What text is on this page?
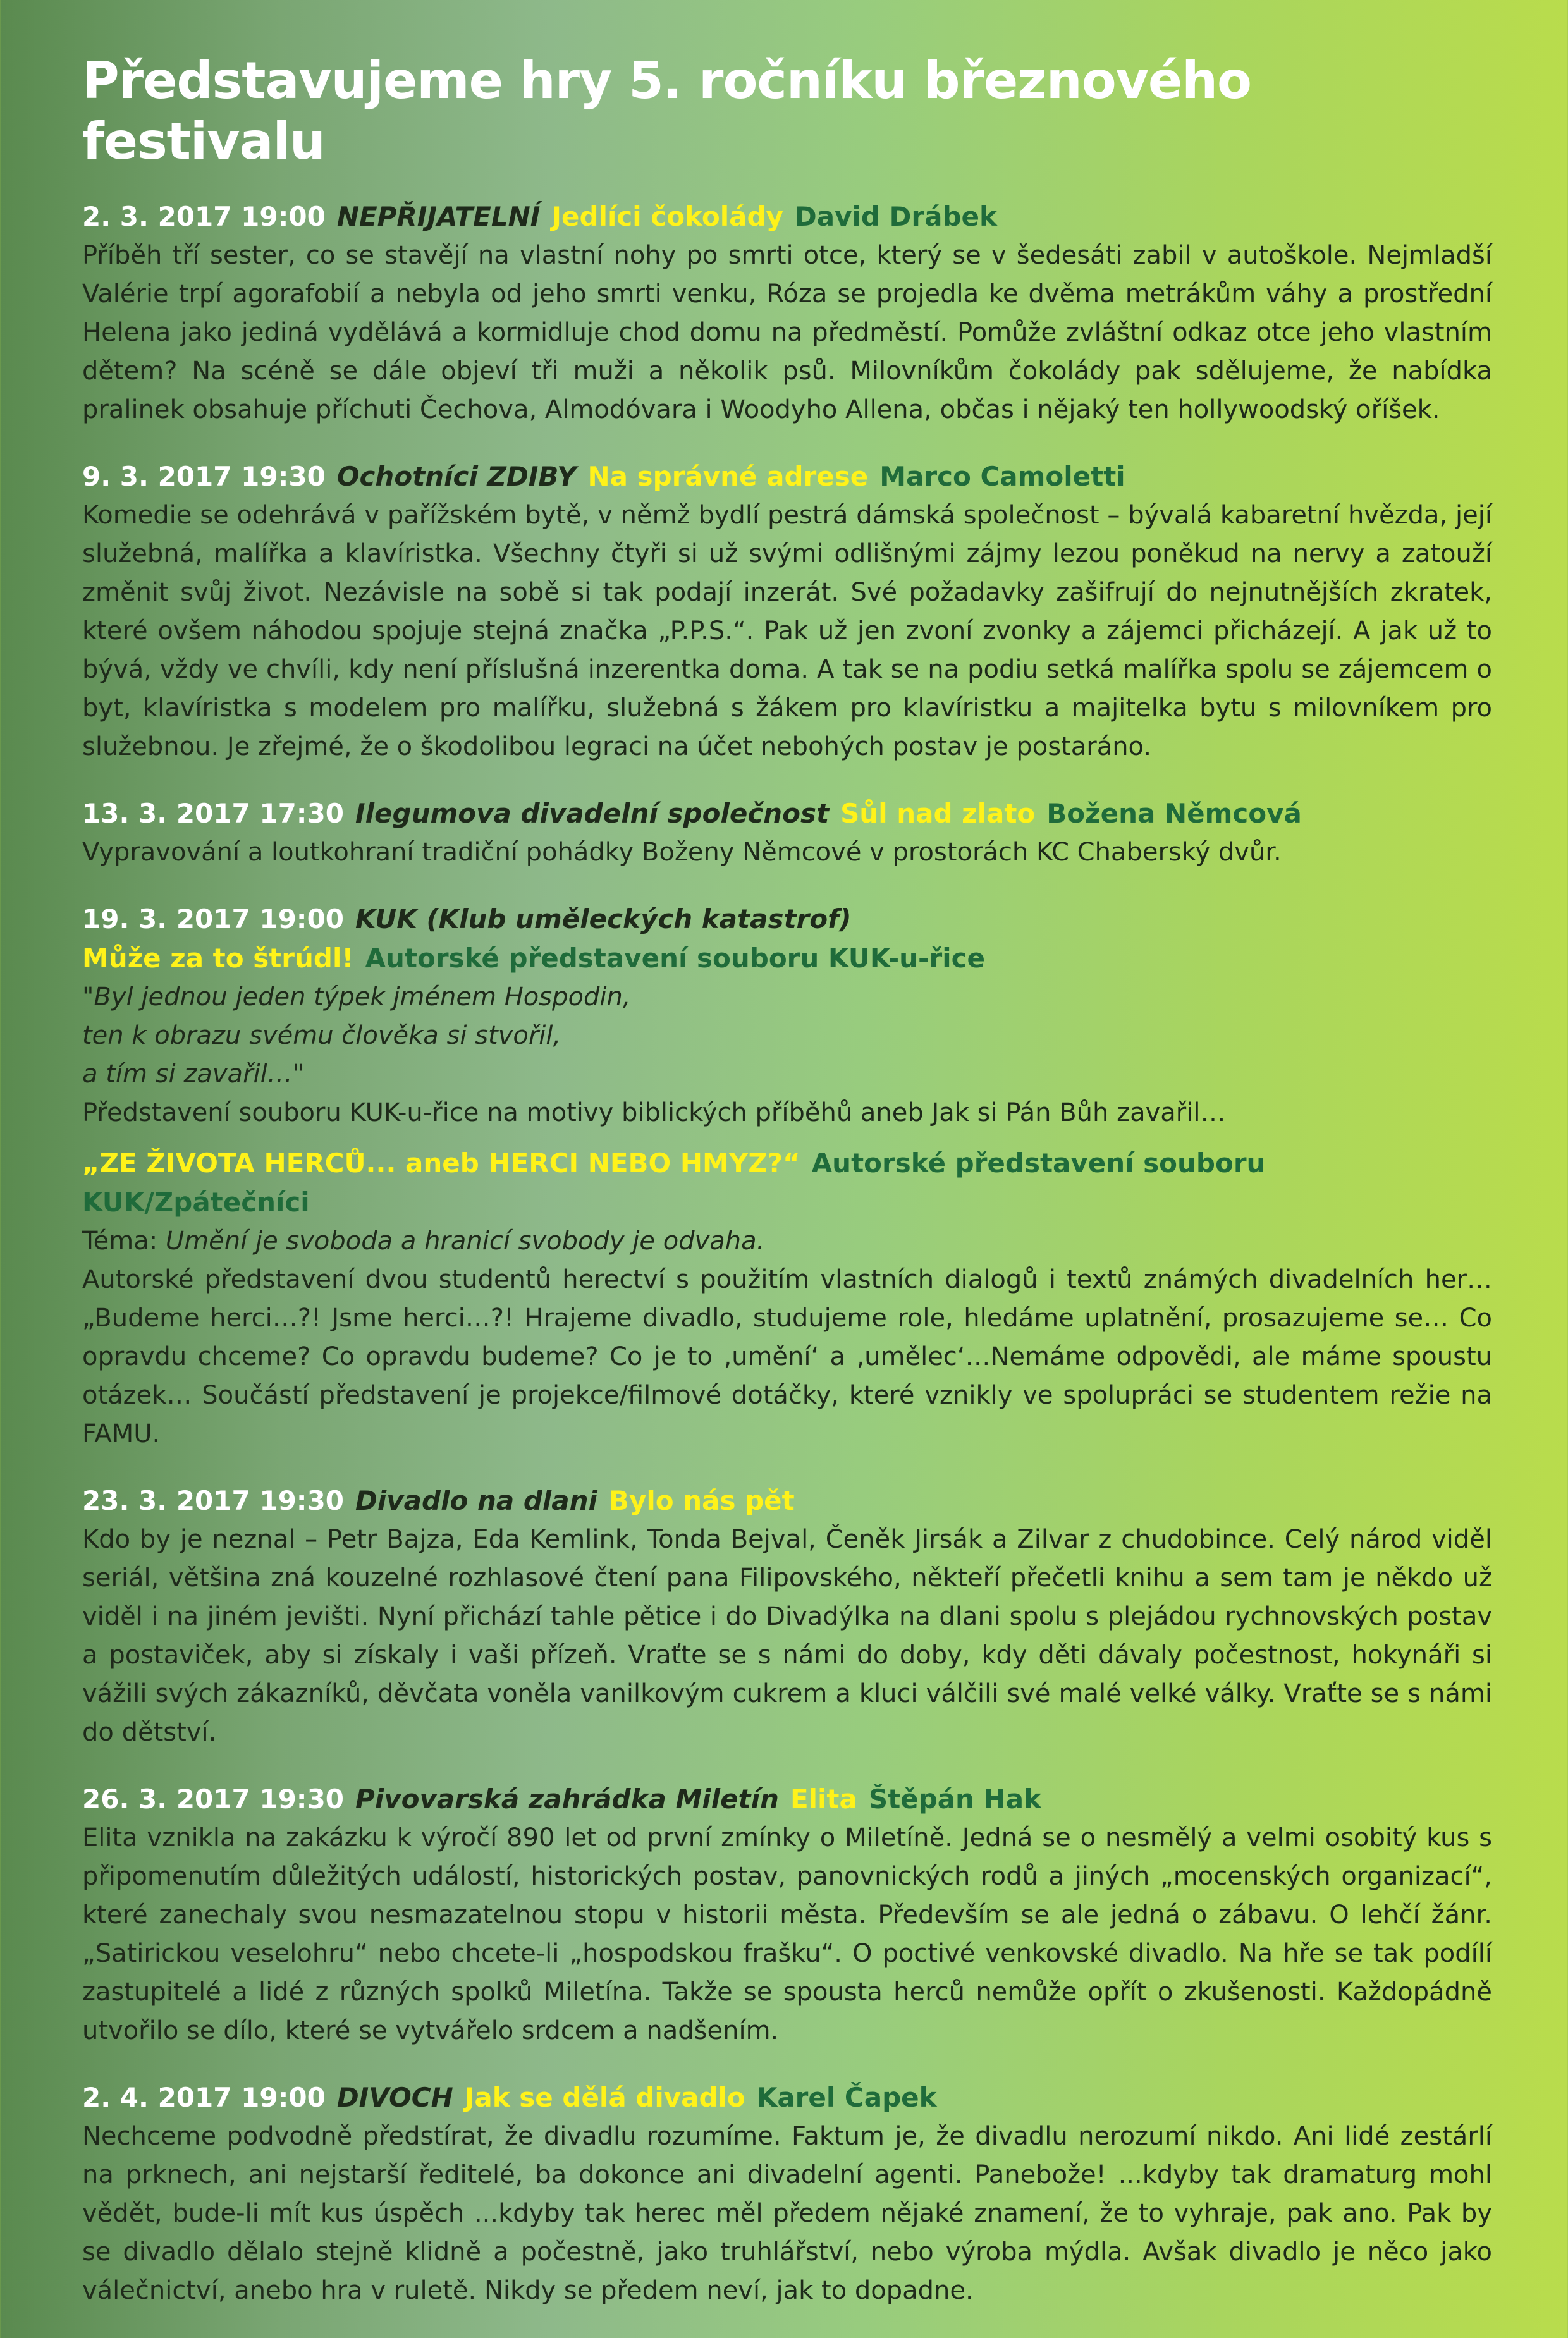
Představujeme hry 5. ročníku březnového festivalu
2. 3. 2017 19:00 NEPŘIJATELNÍ Jedlíci čokolády David Drábek
Příběh tří sester, co se stavějí na vlastní nohy po smrti otce, který se v šedesáti zabil v autoškole. Nejmladší Valérie trpí agorafobií a nebyla od jeho smrti venku, Róza se projedla ke dvěma metrákům váhy a prostřední Helena jako jediná vydělává a kormidluje chod domu na předměstí. Pomůže zvláštní odkaz otce jeho vlastním dětem? Na scéně se dále objeví tři muži a několik psů. Milovníkům čokolády pak sdělujeme, že nabídka pralinek obsahuje příchuti Čechova, Almodóvara i Woodyho Allena, občas i nějaký ten hollywoodský oříšek.
9. 3. 2017 19:30 Ochotníci ZDIBY Na správné adrese Marco Camoletti
Komedie se odehrává v pařížském bytě, v němž bydlí pestrá dámská společnost – bývalá kabaretní hvězda, její služebná, malířka a klavíristka. Všechny čtyři si už svými odlišnými zájmy lezou poněkud na nervy a zatouží změnit svůj život. Nezávisle na sobě si tak podají inzerát. Své požadavky zašifrují do nejnutnějších zkratek, které ovšem náhodou spojuje stejná značka „P.P.S.“. Pak už jen zvoní zvonky a zájemci přicházejí. A jak už to bývá, vždy ve chvíli, kdy není příslušná inzerentka doma. A tak se na podiu setká malířka spolu se zájemcem o byt, klavíristka s modelem pro malířku, služebná s žákem pro klavíristku a majitelka bytu s milovníkem pro služebnou. Je zřejmé, že o škodolibou legraci na účet nebohých postav je postaráno.
13. 3. 2017 17:30 Ilegumova divadelní společnost Sůl nad zlato Božena Němcová
Vypravování a loutkohraní tradiční pohádky Boženy Němcové v prostorách KC Chaberský dvůr.
19. 3. 2017 19:00 KUK (Klub uměleckých katastrof)
Může za to štrúdl! Autorské představení souboru KUK-u-řice
"Byl jednou jeden týpek jménem Hospodin,
ten k obrazu svému člověka si stvořil,
a tím si zavařil…"
Představení souboru KUK-u-řice na motivy biblických příběhů aneb Jak si Pán Bůh zavařil…
„ZE ŽIVOTA HERCŮ... aneb HERCI NEBO HMYZ?“ Autorské představení souboru KUK/Zpátečníci
Téma: Umění je svoboda a hranicí svobody je odvaha.
Autorské představení dvou studentů herectví s použitím vlastních dialogů i textů známých divadelních her… „Budeme herci…?! Jsme herci…?! Hrajeme divadlo, studujeme role, hledáme uplatnění, prosazujeme se… Co opravdu chceme? Co opravdu budeme? Co je to ‚umění‘ a ‚umělec‘…Nemáme odpovědi, ale máme spoustu otázek… Součástí představení je projekce/filmové dotáčky, které vznikly ve spolupráci se studentem režie na FAMU.
23. 3. 2017 19:30 Divadlo na dlani Bylo nás pět
Kdo by je neznal – Petr Bajza, Eda Kemlink, Tonda Bejval, Čeněk Jirsák a Zilvar z chudobince. Celý národ viděl seriál, většina zná kouzelné rozhlasové čtení pana Filipovského, někteří přečetli knihu a sem tam je někdo už viděl i na jiném jevišti. Nyní přichází tahle pětice i do Divadýlka na dlani spolu s plejádou rychnovských postav a postaviček, aby si získaly i vaši přízeň. Vraťte se s námi do doby, kdy děti dávaly počestnost, hokynáři si vážili svých zákazníků, děvčata voněla vanilkovým cukrem a kluci válčili své malé velké války. Vraťte se s námi do dětství.
26. 3. 2017 19:30 Pivovarská zahrádka Miletín Elita Štěpán Hak
Elita vznikla na zakázku k výročí 890 let od první zmínky o Miletíně. Jedná se o nesmělý a velmi osobitý kus s připomenutím důležitých událostí, historických postav, panovnických rodů a jiných „mocenských organizací“, které zanechaly svou nesmazatelnou stopu v historii města. Především se ale jedná o zábavu. O lehčí žánr. „Satirickou veselohru“ nebo chcete-li „hospodskou frašku“. O poctivé venkovské divadlo. Na hře se tak podílí zastupitelé a lidé z různých spolků Miletína. Takže se spousta herců nemůže opřít o zkušenosti. Každopádně utvořilo se dílo, které se vytvářelo srdcem a nadšením.
2. 4. 2017 19:00 DIVOCH Jak se dělá divadlo Karel Čapek
Nechceme podvodně předstírat, že divadlu rozumíme. Faktum je, že divadlu nerozumí nikdo. Ani lidé zestárlí na prknech, ani nejstarší ředitelé, ba dokonce ani divadelní agenti. Panebože! ...kdyby tak dramaturg mohl vědět, bude-li mít kus úspěch ...kdyby tak herec měl předem nějaké znamení, že to vyhraje, pak ano. Pak by se divadlo dělalo stejně klidně a počestně, jako truhlářství, nebo výroba mýdla. Avšak divadlo je něco jako válečnictví, anebo hra v ruletě. Nikdy se předem neví, jak to dopadne.
